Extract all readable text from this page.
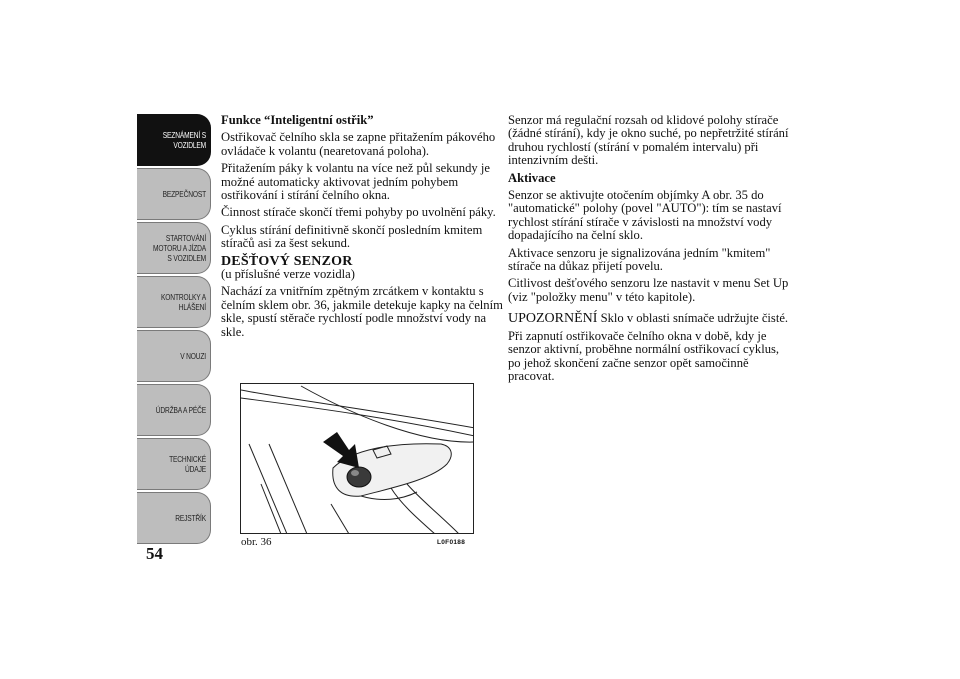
SEZNÁMENÍ S
VOZIDLEM
BEZPEČNOST
STARTOVÁNÍ
MOTORU A JÍZDA
S VOZIDLEM
KONTROLKY A
HLÁŠENÍ
V NOUZI
ÚDRŽBA A PÉČE
TECHNICKÉ
ÚDAJE
REJSTŘÍK
54

Funkce “Inteligentní ostřik”

Ostřikovač čelního skla se zapne přitažením pákového ovládače k volantu (nearetovaná poloha).

Přitažením páky k volantu na více než půl sekundy je možné automaticky aktivovat jedním pohybem ostřikování i stírání čelního okna.

Činnost stírače skončí třemi pohyby po uvolnění páky.

Cyklus stírání definitivně skončí posledním kmitem stíračů asi za šest sekund.

DEŠŤOVÝ SENZOR

(u příslušné verze vozidla)

Nachází za vnitřním zpětným zrcátkem v kontaktu s čelním sklem obr. 36, jakmile detekuje kapky na čelním skle, spustí stěrače rychlostí podle množství vody na skle.

obr. 36	L0F0188

Senzor má regulační rozsah od klidové polohy stírače (žádné stírání), kdy je okno suché, po nepřetržité stírání druhou rychlostí (stírání v pomalém intervalu) při intenzivním dešti.

Aktivace

Senzor se aktivujte otočením objímky A obr. 35 do "automatické" polohy (povel "AUTO"): tím se nastaví rychlost stírání stírače v závislosti na množství vody dopadajícího na čelní sklo.

Aktivace senzoru je signalizována jedním "kmitem" stírače na důkaz přijetí povelu.

Citlivost dešťového senzoru lze nastavit v menu Set Up (viz "položky menu" v této kapitole).

UPOZORNĚNÍ Sklo v oblasti snímače udržujte čisté.

Při zapnutí ostřikovače čelního okna v době, kdy je senzor aktivní, proběhne normální ostřikovací cyklus, po jehož skončení začne senzor opět samočinně pracovat.
